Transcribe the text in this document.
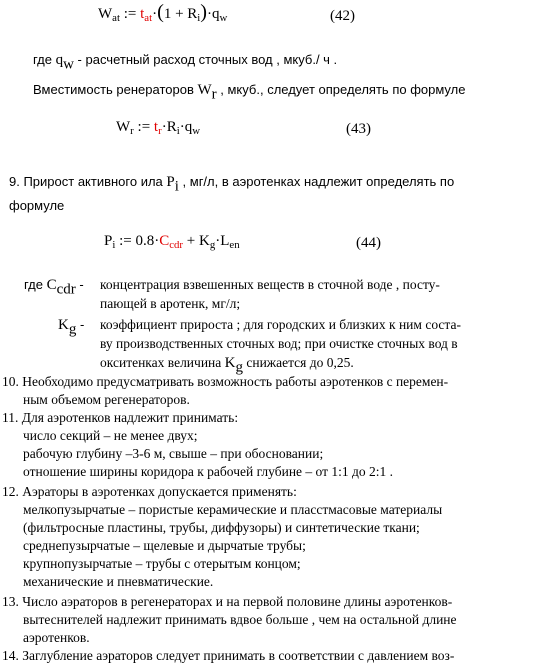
$W_{at}$ := $t_{at}\cdot(1 + R_i)\cdot q_w$	(42)
где $q_w$ - расчетный расход сточных вод , мкуб./ ч .
Вместимость ренераторов $W_r$ , мкуб., следует определять по формуле
$W_r$ := $t_r\cdot R_i\cdot q_w$	(43)
9. Прирост активного ила $P_i$ , мг/л, в аэротенках надлежит определять по
формуле
$P_i$ := $0.8\cdot C_{cdr} + K_g\cdot L_{en}$	(44)
где $C_{cdr}$ - концентрация взвешенных веществ в сточной воде , посту-
пающей в аротенк, мг/л;
$K_g$ - коэффициент прироста ; для городских и близких к ним соста-
ву производственных сточных вод; при очистке сточных вод в
окситенках величина $K_g$ снижается до 0,25.
10. Необходимо предусматривать возможность работы аэротенков с перемен-
ным объемом регенераторов.
11. Для аэротенков надлежит принимать:
число секций – не менее двух;
рабочую глубину –3-6 м, свыше – при обосновании;
отношение ширины коридора к рабочей глубине – от 1:1 до 2:1 .
12. Аэраторы в аэротенках допускается применять:
мелкопузырчатые – пористые керамические и пласстмасовые материалы
(фильтросные пластины, трубы, диффузоры) и синтетические ткани;
среднепузырчатые – щелевые и дырчатые трубы;
крупнопузырчатые – трубы с отерытым концом;
механические и пневматические.
13. Число аэраторов в регенераторах и на первой половине длины аэротенков-
вытеснителей надлежит принимать вдвое больше , чем на остальной длине
аэротенков.
14. Заглубление аэраторов следует принимать в соответствии с давлением воз-
